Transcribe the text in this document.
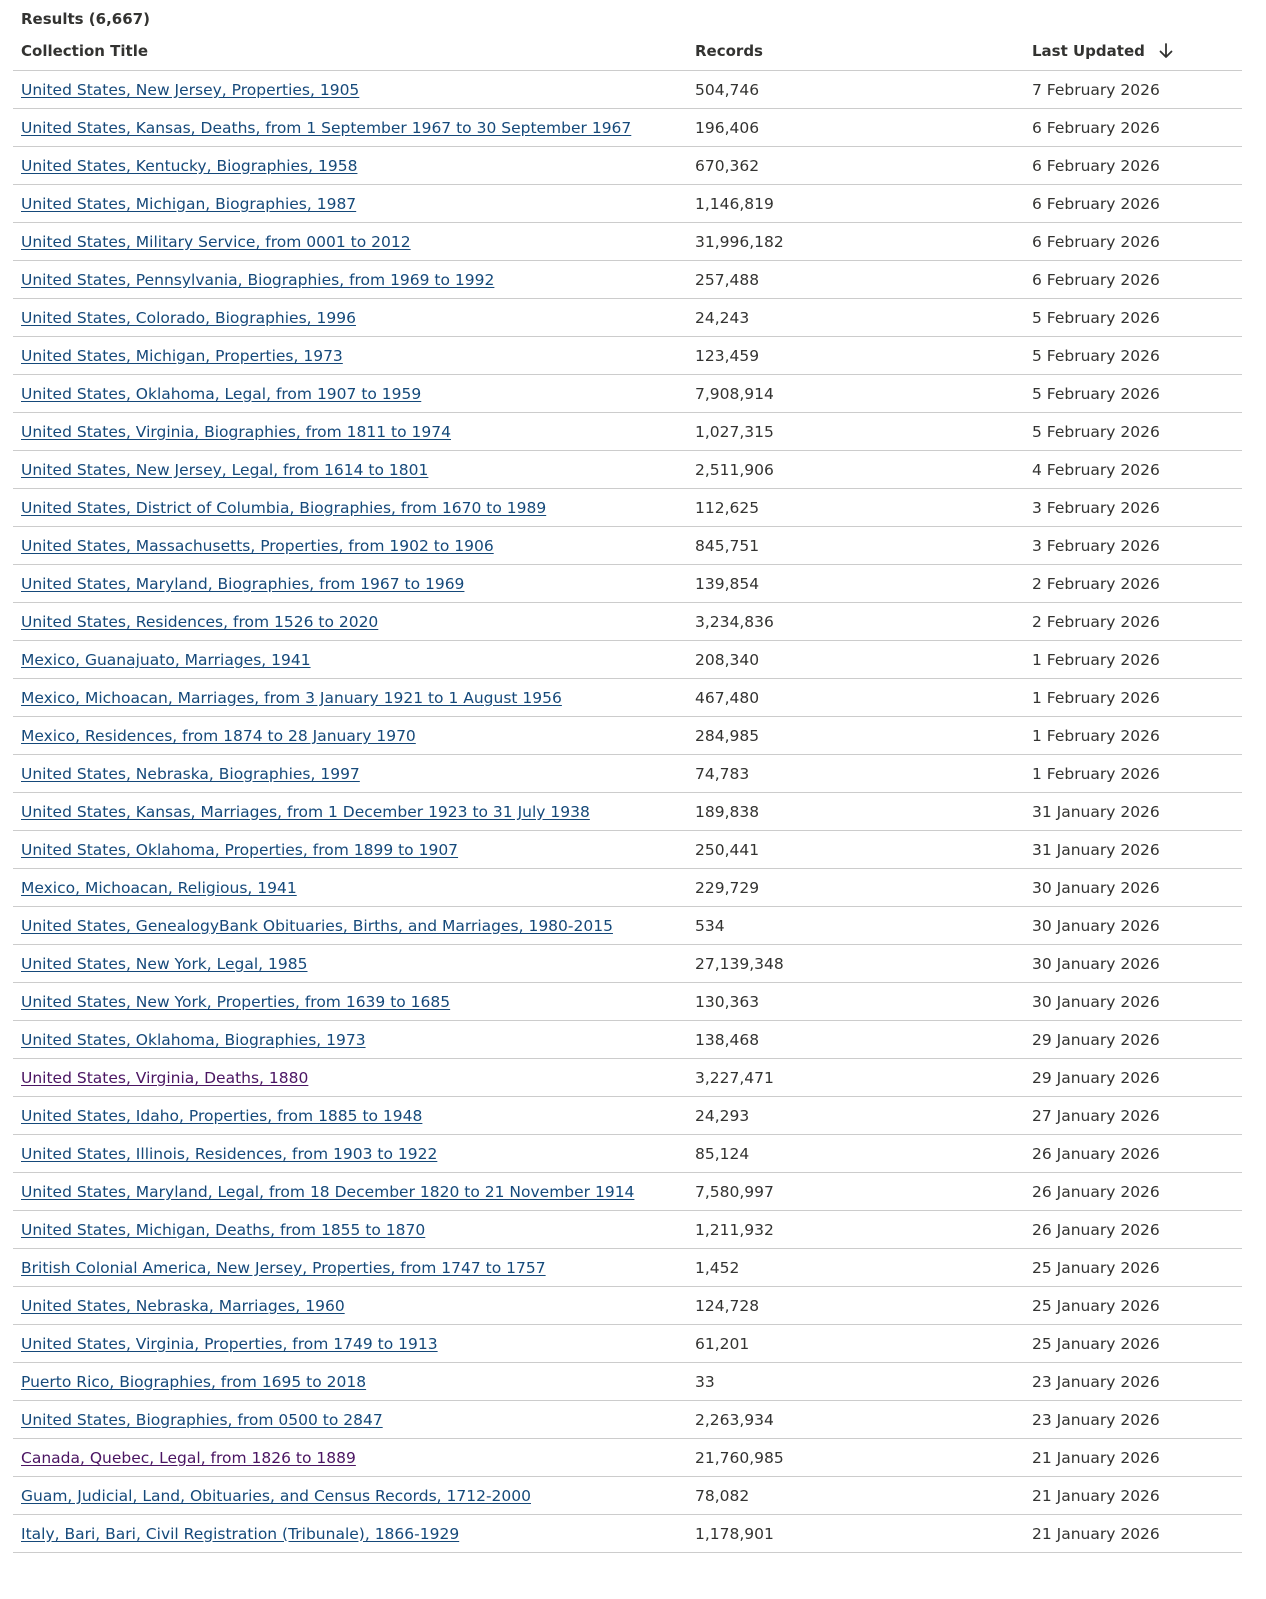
Results (6,667)
Collection Title	Records	Last Updated

United States, New Jersey, Properties, 1905	504,746	7 February 2026
United States, Kansas, Deaths, from 1 September 1967 to 30 September 1967	196,406	6 February 2026
United States, Kentucky, Biographies, 1958	670,362	6 February 2026
United States, Michigan, Biographies, 1987	1,146,819	6 February 2026
United States, Military Service, from 0001 to 2012	31,996,182	6 February 2026
United States, Pennsylvania, Biographies, from 1969 to 1992	257,488	6 February 2026
United States, Colorado, Biographies, 1996	24,243	5 February 2026
United States, Michigan, Properties, 1973	123,459	5 February 2026
United States, Oklahoma, Legal, from 1907 to 1959	7,908,914	5 February 2026
United States, Virginia, Biographies, from 1811 to 1974	1,027,315	5 February 2026
United States, New Jersey, Legal, from 1614 to 1801	2,511,906	4 February 2026
United States, District of Columbia, Biographies, from 1670 to 1989	112,625	3 February 2026
United States, Massachusetts, Properties, from 1902 to 1906	845,751	3 February 2026
United States, Maryland, Biographies, from 1967 to 1969	139,854	2 February 2026
United States, Residences, from 1526 to 2020	3,234,836	2 February 2026
Mexico, Guanajuato, Marriages, 1941	208,340	1 February 2026
Mexico, Michoacan, Marriages, from 3 January 1921 to 1 August 1956	467,480	1 February 2026
Mexico, Residences, from 1874 to 28 January 1970	284,985	1 February 2026
United States, Nebraska, Biographies, 1997	74,783	1 February 2026
United States, Kansas, Marriages, from 1 December 1923 to 31 July 1938	189,838	31 January 2026
United States, Oklahoma, Properties, from 1899 to 1907	250,441	31 January 2026
Mexico, Michoacan, Religious, 1941	229,729	30 January 2026
United States, GenealogyBank Obituaries, Births, and Marriages, 1980-2015	534	30 January 2026
United States, New York, Legal, 1985	27,139,348	30 January 2026
United States, New York, Properties, from 1639 to 1685	130,363	30 January 2026
United States, Oklahoma, Biographies, 1973	138,468	29 January 2026
United States, Virginia, Deaths, 1880	3,227,471	29 January 2026
United States, Idaho, Properties, from 1885 to 1948	24,293	27 January 2026
United States, Illinois, Residences, from 1903 to 1922	85,124	26 January 2026
United States, Maryland, Legal, from 18 December 1820 to 21 November 1914	7,580,997	26 January 2026
United States, Michigan, Deaths, from 1855 to 1870	1,211,932	26 January 2026
British Colonial America, New Jersey, Properties, from 1747 to 1757	1,452	25 January 2026
United States, Nebraska, Marriages, 1960	124,728	25 January 2026
United States, Virginia, Properties, from 1749 to 1913	61,201	25 January 2026
Puerto Rico, Biographies, from 1695 to 2018	33	23 January 2026
United States, Biographies, from 0500 to 2847	2,263,934	23 January 2026
Canada, Quebec, Legal, from 1826 to 1889	21,760,985	21 January 2026
Guam, Judicial, Land, Obituaries, and Census Records, 1712-2000	78,082	21 January 2026
Italy, Bari, Bari, Civil Registration (Tribunale), 1866-1929	1,178,901	21 January 2026
